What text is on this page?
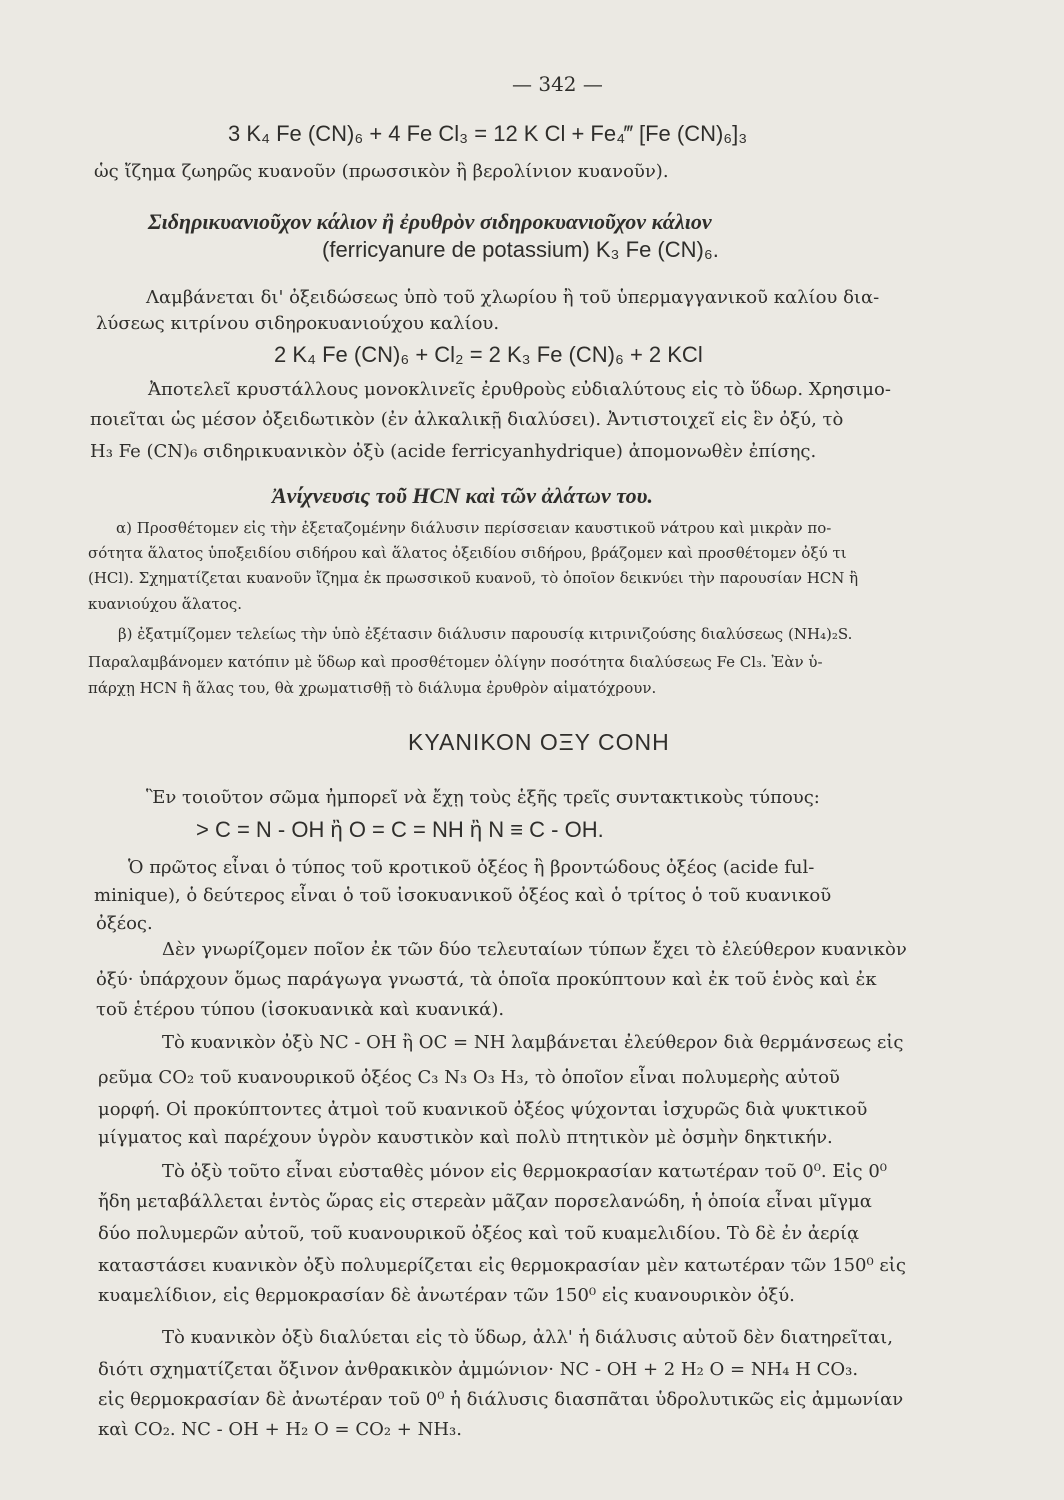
— 342 —
3 K₄ Fe (CN)₆ + 4 Fe Cl₃ = 12 K Cl + Fe₄‴ [Fe (CN)₆]₃
ὡς ἴζημα ζωηρῶς κυανοῦν (πρωσσικὸν ἢ βερολίνιον κυανοῦν).
Σιδηρικυανιοῦχον κάλιον ἢ ἐρυθρὸν σιδηροκυανιοῦχον κάλιον
(ferricyanure de potassium) K₃ Fe (CN)₆.
Λαμβάνεται δι' ὀξειδώσεως ὑπὸ τοῦ χλωρίου ἢ τοῦ ὑπερμαγγανικοῦ καλίου δια-
λύσεως κιτρίνου σιδηροκυανιούχου καλίου.
2 K₄ Fe (CN)₆ + Cl₂ = 2 K₃ Fe (CN)₆ + 2 KCl
Ἀποτελεῖ κρυστάλλους μονοκλινεῖς ἐρυθροὺς εὐδιαλύτους εἰς τὸ ὕδωρ. Χρησιμο-
ποιεῖται ὡς μέσον ὀξειδωτικὸν (ἐν ἀλκαλικῇ διαλύσει). Ἀντιστοιχεῖ εἰς ἓν ὀξύ, τὸ
H₃ Fe (CN)₆ σιδηρικυανικὸν ὀξὺ (acide ferricyanhydrique) ἀπομονωθὲν ἐπίσης.
Ἀνίχνευσις τοῦ HCN καὶ τῶν ἀλάτων του.
α) Προσθέτομεν εἰς τὴν ἐξεταζομένην διάλυσιν περίσσειαν καυστικοῦ νάτρου καὶ μικρὰν πο-
σότητα ἅλατος ὑποξειδίου σιδήρου καὶ ἅλατος ὀξειδίου σιδήρου, βράζομεν καὶ προσθέτομεν ὀξύ τι
(HCl). Σχηματίζεται κυανοῦν ἴζημα ἐκ πρωσσικοῦ κυανοῦ, τὸ ὁποῖον δεικνύει τὴν παρουσίαν HCN ἢ
κυανιούχου ἅλατος.
β) ἐξατμίζομεν τελείως τὴν ὑπὸ ἐξέτασιν διάλυσιν παρουσίᾳ κιτρινιζούσης διαλύσεως (NH₄)₂S.
Παραλαμβάνομεν κατόπιν μὲ ὕδωρ καὶ προσθέτομεν ὀλίγην ποσότητα διαλύσεως Fe Cl₃. Ἐὰν ὑ-
πάρχῃ HCN ἢ ἅλας του, θὰ χρωματισθῇ τὸ διάλυμα ἐρυθρὸν αἱματόχρουν.
ΚΥΑΝΙΚΟΝ ΟΞΥ CONH
Ἓν τοιοῦτον σῶμα ἠμπορεῖ νὰ ἔχῃ τοὺς ἑξῆς τρεῖς συντακτικοὺς τύπους:
> C = N - OH ἢ O = C = NH ἢ N ≡ C - OH.
Ὁ πρῶτος εἶναι ὁ τύπος τοῦ κροτικοῦ ὀξέος ἢ βροντώδους ὀξέος (acide ful-
minique), ὁ δεύτερος εἶναι ὁ τοῦ ἰσοκυανικοῦ ὀξέος καὶ ὁ τρίτος ὁ τοῦ κυανικοῦ
ὀξέος.
Δὲν γνωρίζομεν ποῖον ἐκ τῶν δύο τελευταίων τύπων ἔχει τὸ ἐλεύθερον κυανικὸν
ὀξύ· ὑπάρχουν ὅμως παράγωγα γνωστά, τὰ ὁποῖα προκύπτουν καὶ ἐκ τοῦ ἑνὸς καὶ ἐκ
τοῦ ἑτέρου τύπου (ἰσοκυανικὰ καὶ κυανικά).
Τὸ κυανικὸν ὀξὺ NC - OH ἢ OC = NH λαμβάνεται ἐλεύθερον διὰ θερμάνσεως εἰς
ρεῦμα CO₂ τοῦ κυανουρικοῦ ὀξέος C₃ N₃ O₃ H₃, τὸ ὁποῖον εἶναι πολυμερὴς αὐτοῦ
μορφή. Οἱ προκύπτοντες ἀτμοὶ τοῦ κυανικοῦ ὀξέος ψύχονται ἰσχυρῶς διὰ ψυκτικοῦ
μίγματος καὶ παρέχουν ὑγρὸν καυστικὸν καὶ πολὺ πτητικὸν μὲ ὀσμὴν δηκτικήν.
Τὸ ὀξὺ τοῦτο εἶναι εὐσταθὲς μόνον εἰς θερμοκρασίαν κατωτέραν τοῦ 0⁰. Εἰς 0⁰
ἤδη μεταβάλλεται ἐντὸς ὥρας εἰς στερεὰν μᾶζαν πορσελανώδη, ἡ ὁποία εἶναι μῖγμα
δύο πολυμερῶν αὐτοῦ, τοῦ κυανουρικοῦ ὀξέος καὶ τοῦ κυαμελιδίου. Τὸ δὲ ἐν ἀερίᾳ
καταστάσει κυανικὸν ὀξὺ πολυμερίζεται εἰς θερμοκρασίαν μὲν κατωτέραν τῶν 150⁰ εἰς
κυαμελίδιον, εἰς θερμοκρασίαν δὲ ἀνωτέραν τῶν 150⁰ εἰς κυανουρικὸν ὀξύ.
Τὸ κυανικὸν ὀξὺ διαλύεται εἰς τὸ ὕδωρ, ἀλλ' ἡ διάλυσις αὐτοῦ δὲν διατηρεῖται,
διότι σχηματίζεται ὄξινον ἀνθρακικὸν ἀμμώνιον· NC - OH + 2 H₂ O = NH₄ H CO₃.
εἰς θερμοκρασίαν δὲ ἀνωτέραν τοῦ 0⁰ ἡ διάλυσις διασπᾶται ὑδρολυτικῶς εἰς ἀμμωνίαν
καὶ CO₂. NC - OH + H₂ O = CO₂ + NH₃.
